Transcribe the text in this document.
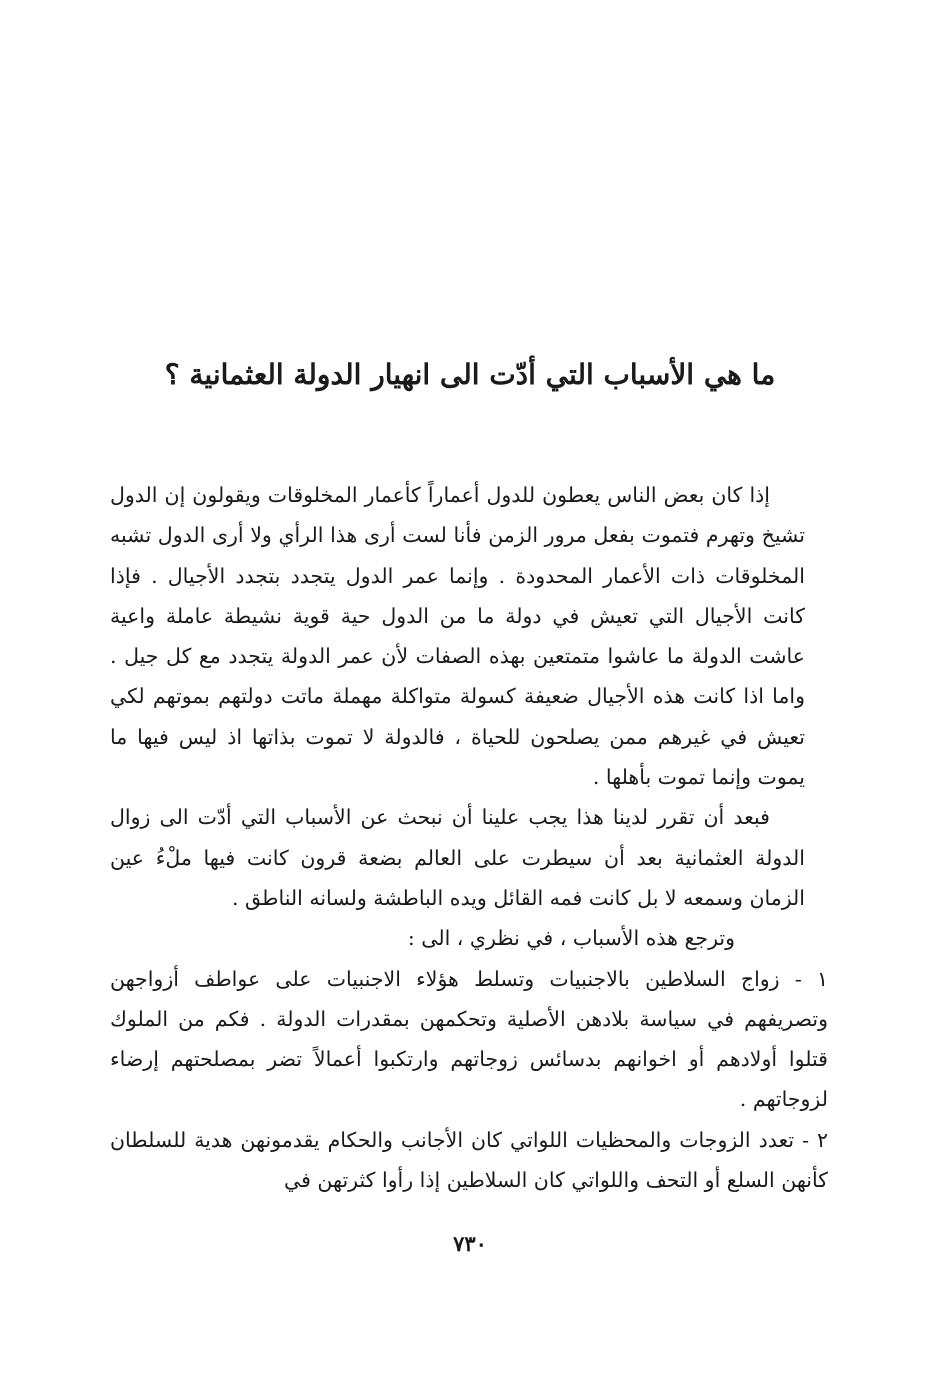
ما هي الأسباب التي أدّت الى انهيار الدولة العثمانية ؟

إذا كان بعض الناس يعطون للدول أعماراً كأعمار المخلوقات ويقولون إن الدول تشيخ وتهرم فتموت بفعل مرور الزمن فأنا لست أرى هذا الرأي ولا أرى الدول تشبه المخلوقات ذات الأعمار المحدودة . وإنما عمر الدول يتجدد بتجدد الأجيال . فإذا كانت الأجيال التي تعيش في دولة ما من الدول حية قوية نشيطة عاملة واعية عاشت الدولة ما عاشوا متمتعين بهذه الصفات لأن عمر الدولة يتجدد مع كل جيل . واما اذا كانت هذه الأجيال ضعيفة كسولة متواكلة مهملة ماتت دولتهم بموتهم لكي تعيش في غيرهم ممن يصلحون للحياة ، فالدولة لا تموت بذاتها اذ ليس فيها ما يموت وإنما تموت بأهلها .

فبعد أن تقرر لدينا هذا يجب علينا أن نبحث عن الأسباب التي أدّت الى زوال الدولة العثمانية بعد أن سيطرت على العالم بضعة قرون كانت فيها ملْءُ عين الزمان وسمعه لا بل كانت فمه القائل ويده الباطشة ولسانه الناطق .

وترجع هذه الأسباب ، في نظري ، الى :

١ - زواج السلاطين بالاجنبيات وتسلط هؤلاء الاجنبيات على عواطف أزواجهن وتصريفهم في سياسة بلادهن الأصلية وتحكمهن بمقدرات الدولة . فكم من الملوك قتلوا أولادهم أو اخوانهم بدسائس زوجاتهم وارتكبوا أعمالاً تضر بمصلحتهم إرضاء لزوجاتهم .
٢ - تعدد الزوجات والمحظيات اللواتي كان الأجانب والحكام يقدمونهن هدية للسلطان كأنهن السلع أو التحف واللواتي كان السلاطين إذا رأوا كثرتهن في
٧٣٠
